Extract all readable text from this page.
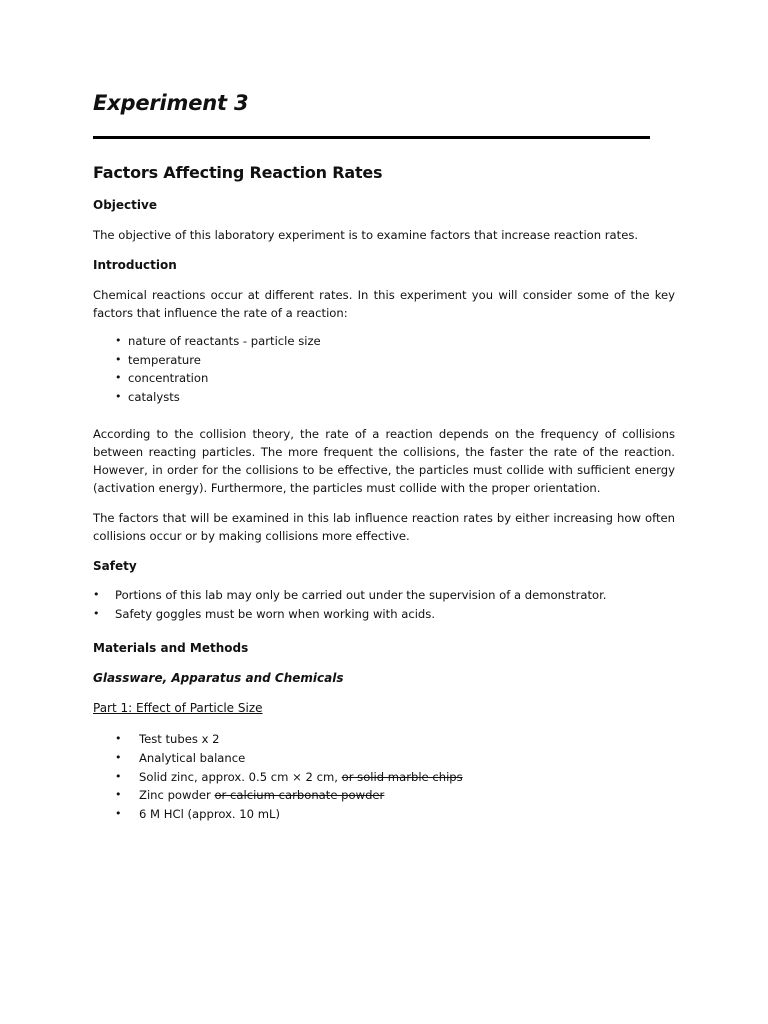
Experiment 3
Factors Affecting Reaction Rates
Objective

The objective of this laboratory experiment is to examine factors that increase reaction rates.

Introduction

Chemical reactions occur at different rates. In this experiment you will consider some of the key factors that influence the rate of a reaction:

• nature of reactants - particle size
• temperature
• concentration
• catalysts

According to the collision theory, the rate of a reaction depends on the frequency of collisions between reacting particles. The more frequent the collisions, the faster the rate of the reaction. However, in order for the collisions to be effective, the particles must collide with sufficient energy (activation energy). Furthermore, the particles must collide with the proper orientation.

The factors that will be examined in this lab influence reaction rates by either increasing how often collisions occur or by making collisions more effective.

Safety
• Portions of this lab may only be carried out under the supervision of a demonstrator.
• Safety goggles must be worn when working with acids.
Materials and Methods
Glassware, Apparatus and Chemicals
Part 1: Effect of Particle Size
• Test tubes x 2
• Analytical balance
• Solid zinc, approx. 0.5 cm × 2 cm, or solid marble chips
• Zinc powder or calcium carbonate powder
• 6 M HCl (approx. 10 mL)
